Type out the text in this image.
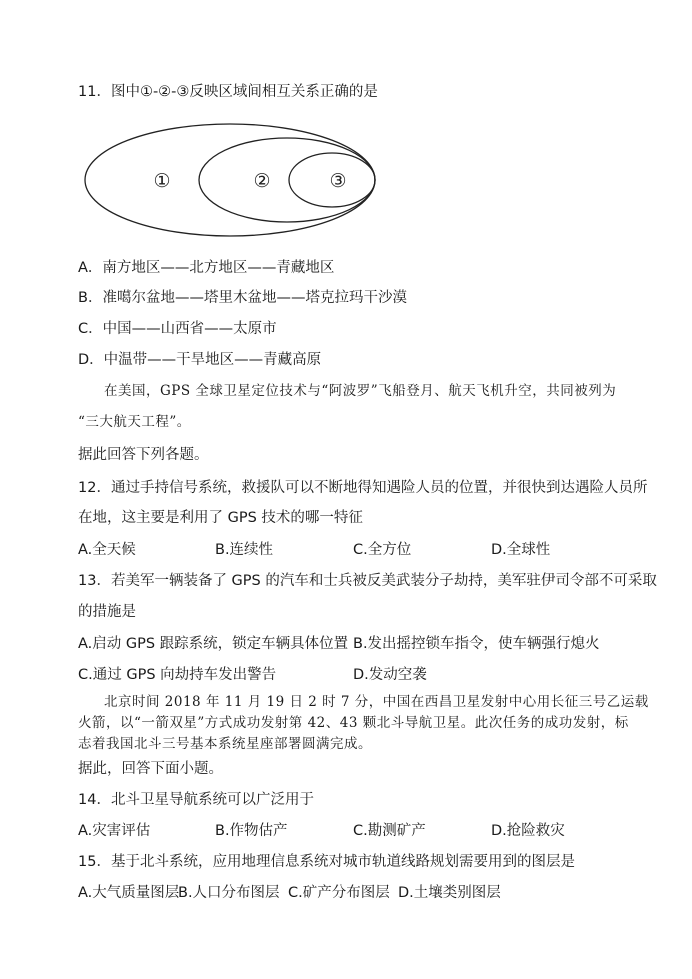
11．图中①-②-③反映区域间相互关系正确的是
①	②	③
A．南方地区——北方地区——青藏地区
B．准噶尔盆地——塔里木盆地——塔克拉玛干沙漠
C．中国——山西省——太原市
D．中温带——干旱地区——青藏高原
在美国，GPS 全球卫星定位技术与“阿波罗”飞船登月、航天飞机升空，共同被列为
“三大航天工程”。
据此回答下列各题。
12．通过手持信号系统，救援队可以不断地得知遇险人员的位置，并很快到达遇险人员所
在地，这主要是利用了 GPS 技术的哪一特征
A.全天候	B.连续性	C.全方位	D.全球性
13．若美军一辆装备了 GPS 的汽车和士兵被反美武装分子劫持，美军驻伊司令部不可采取
的措施是
A.启动 GPS 跟踪系统，锁定车辆具体位置 B.发出摇控锁车指令，使车辆强行熄火
C.通过 GPS 向劫持车发出警告	D.发动空袭
北京时间 2018 年 11 月 19 日 2 时 7 分，中国在西昌卫星发射中心用长征三号乙运载
火箭，以“一箭双星”方式成功发射第 42、43 颗北斗导航卫星。此次任务的成功发射，标
志着我国北斗三号基本系统星座部署圆满完成。
据此，回答下面小题。
14．北斗卫星导航系统可以广泛用于
A.灾害评估	B.作物估产	C.勘测矿产	D.抢险救灾
15．基于北斗系统，应用地理信息系统对城市轨道线路规划需要用到的图层是
A.大气质量图层
B.人口分布图层 C.矿产分布图层 D.土壤类别图层
